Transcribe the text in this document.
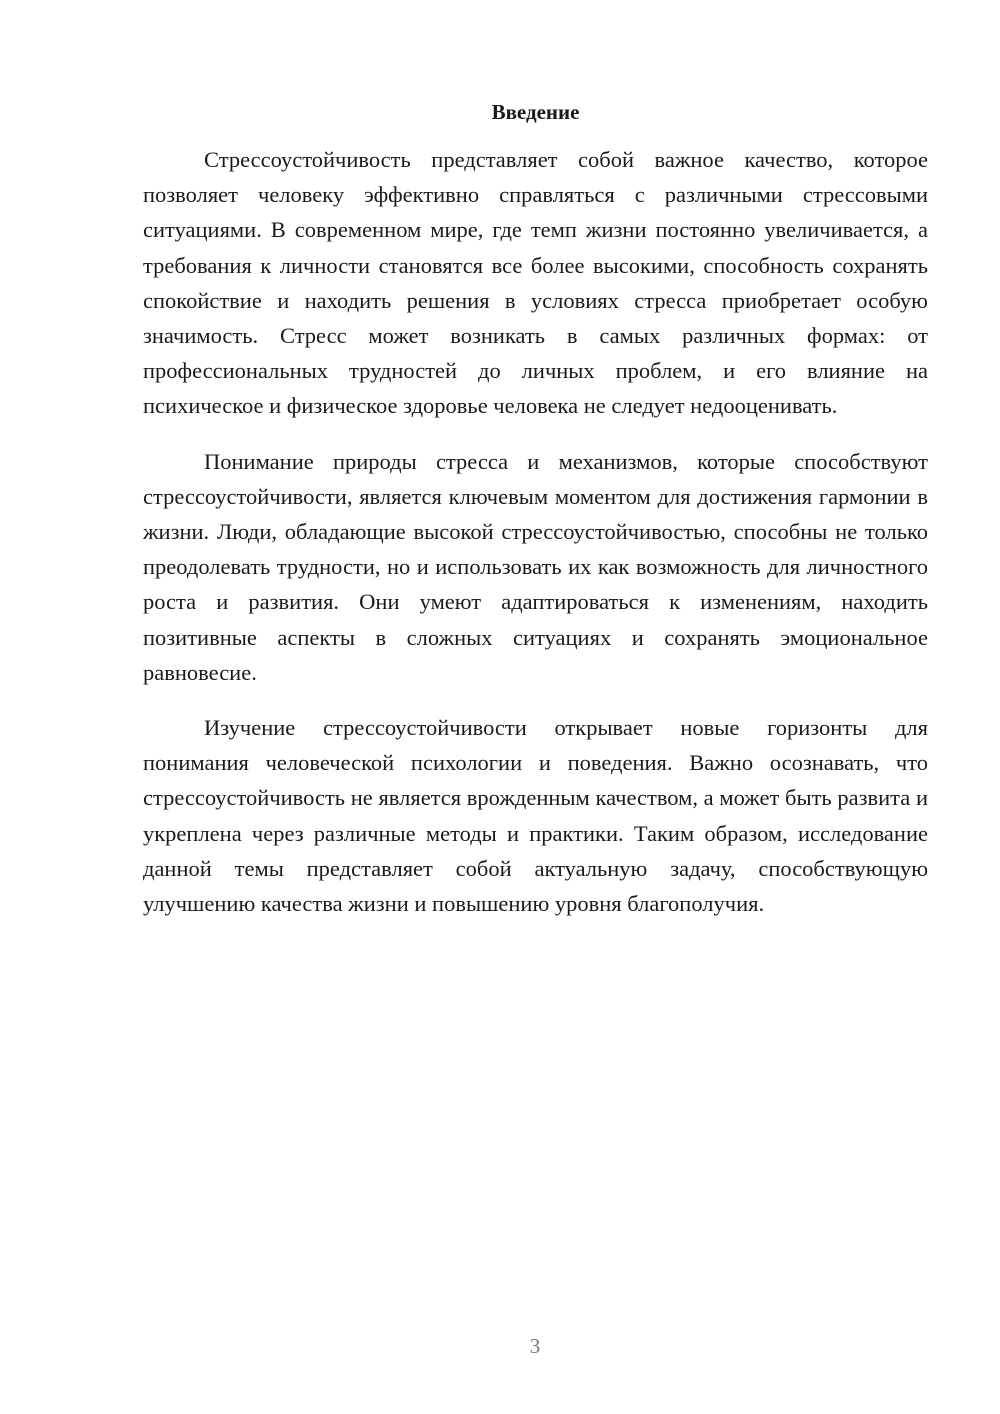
Введение

Стрессоустойчивость представляет собой важное качество, которое позволяет человеку эффективно справляться с различными стрессовыми ситуациями. В современном мире, где темп жизни постоянно увеличивается, а требования к личности становятся все более высокими, способность сохранять спокойствие и находить решения в условиях стресса приобретает особую значимость. Стресс может возникать в самых различных формах: от профессиональных трудностей до личных проблем, и его влияние на психическое и физическое здоровье человека не следует недооценивать.

Понимание природы стресса и механизмов, которые способствуют стрессоустойчивости, является ключевым моментом для достижения гармонии в жизни. Люди, обладающие высокой стрессоустойчивостью, способны не только преодолевать трудности, но и использовать их как возможность для личностного роста и развития. Они умеют адаптироваться к изменениям, находить позитивные аспекты в сложных ситуациях и сохранять эмоциональное равновесие.

Изучение стрессоустойчивости открывает новые горизонты для понимания человеческой психологии и поведения. Важно осознавать, что стрессоустойчивость не является врожденным качеством, а может быть развита и укреплена через различные методы и практики. Таким образом, исследование данной темы представляет собой актуальную задачу, способствующую улучшению качества жизни и повышению уровня благополучия.

3
